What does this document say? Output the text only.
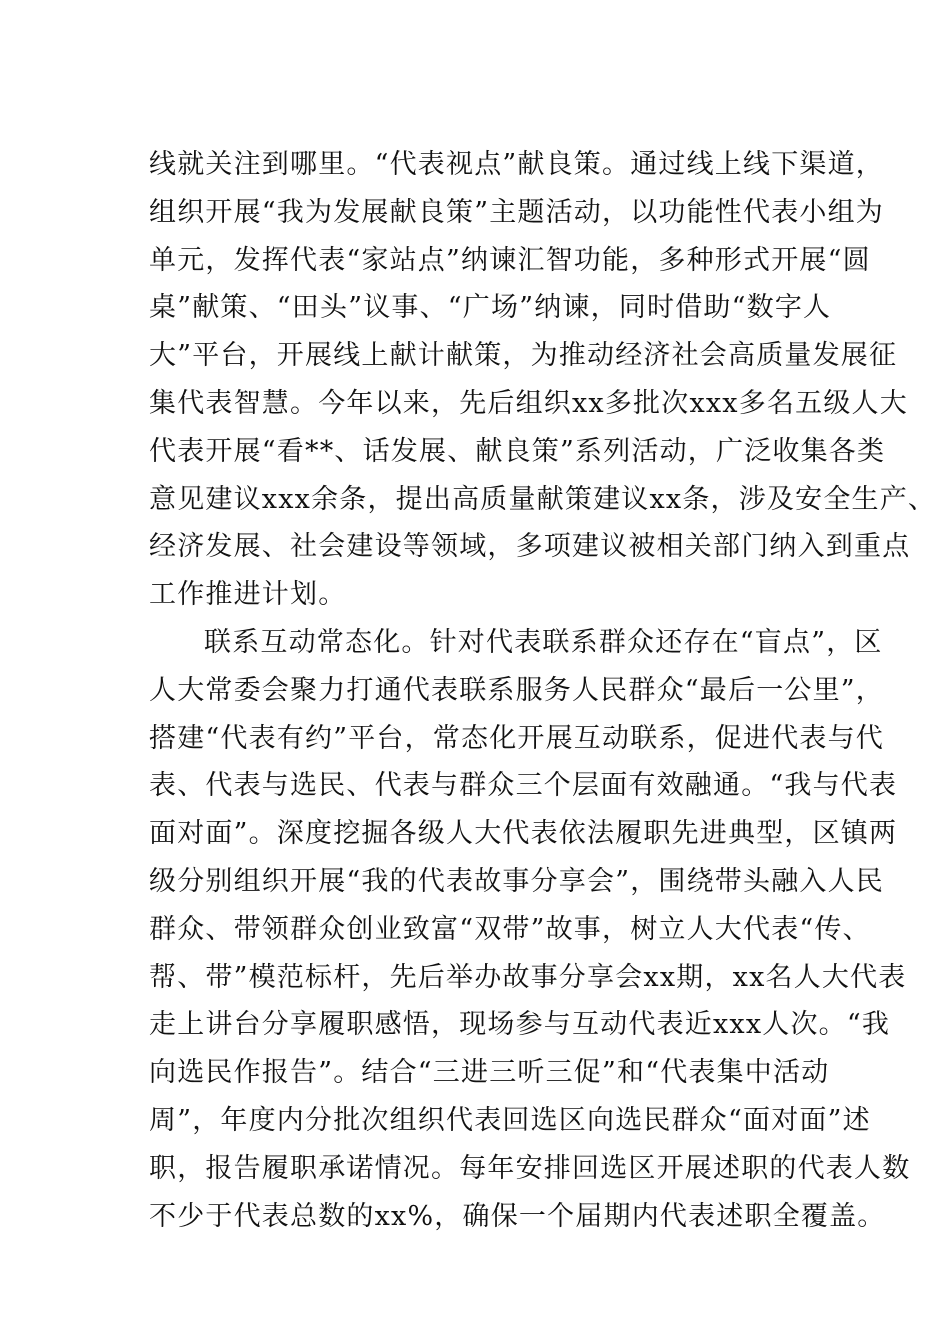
线就关注到哪里。“代表视点”献良策。通过线上线下渠道，
组织开展“我为发展献良策”主题活动，以功能性代表小组为
单元，发挥代表“家站点”纳谏汇智功能，多种形式开展“圆
桌”献策、“田头”议事、“广场”纳谏，同时借助“数字人
大”平台，开展线上献计献策，为推动经济社会高质量发展征
集代表智慧。今年以来，先后组织xx多批次xxx多名五级人大
代表开展“看**、话发展、献良策”系列活动，广泛收集各类
意见建议xxx余条，提出高质量献策建议xx条，涉及安全生产、
经济发展、社会建设等领域，多项建议被相关部门纳入到重点
工作推进计划。
联系互动常态化。针对代表联系群众还存在“盲点”，区
人大常委会聚力打通代表联系服务人民群众“最后一公里”，
搭建“代表有约”平台，常态化开展互动联系，促进代表与代
表、代表与选民、代表与群众三个层面有效融通。“我与代表
面对面”。深度挖掘各级人大代表依法履职先进典型，区镇两
级分别组织开展“我的代表故事分享会”，围绕带头融入人民
群众、带领群众创业致富“双带”故事，树立人大代表“传、
帮、带”模范标杆，先后举办故事分享会xx期，xx名人大代表
走上讲台分享履职感悟，现场参与互动代表近xxx人次。“我
向选民作报告”。结合“三进三听三促”和“代表集中活动
周”，年度内分批次组织代表回选区向选民群众“面对面”述
职，报告履职承诺情况。每年安排回选区开展述职的代表人数
不少于代表总数的xx%，确保一个届期内代表述职全覆盖。
